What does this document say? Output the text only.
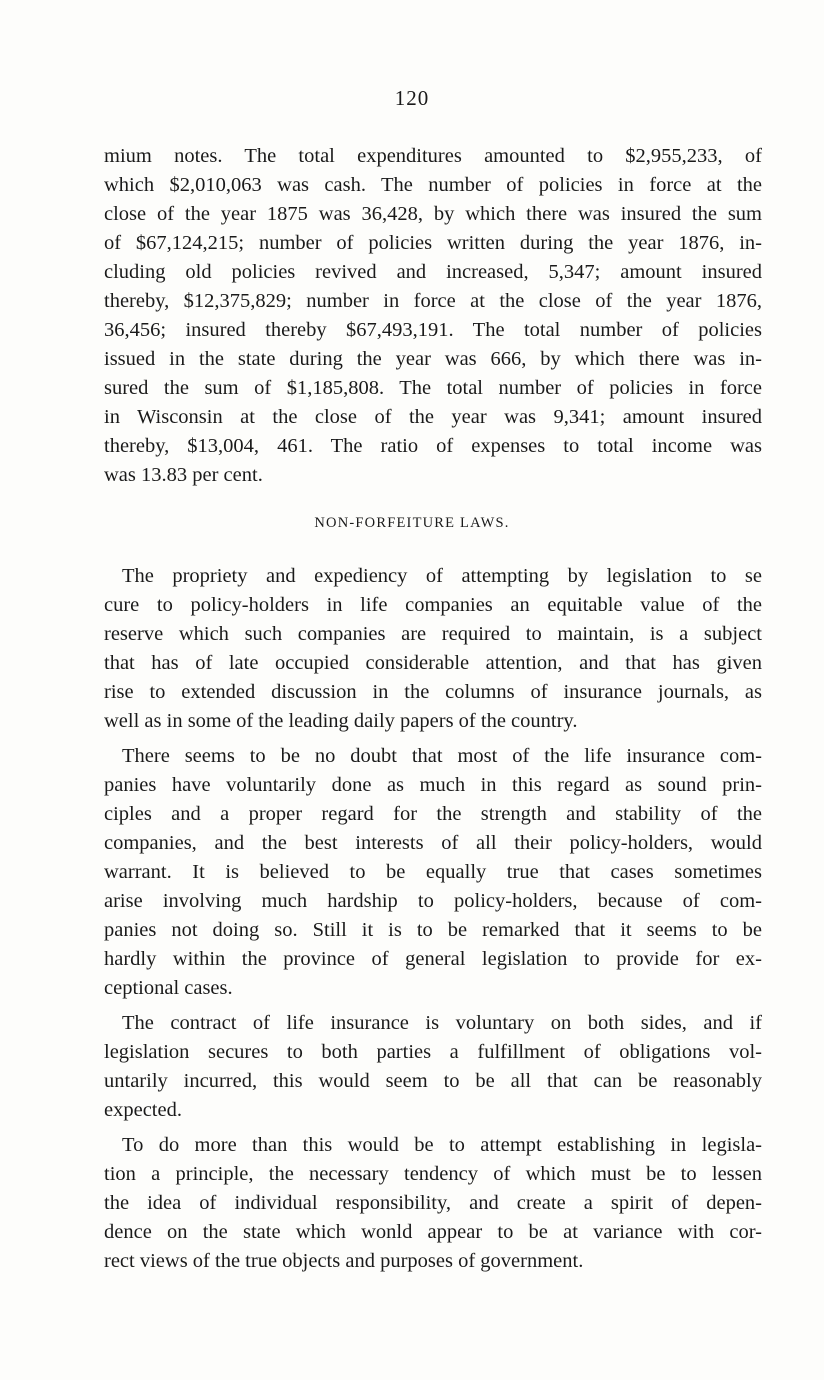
120
mium notes. The total expenditures amounted to $2,955,233, of
which $2,010,063 was cash. The number of policies in force at the
close of the year 1875 was 36,428, by which there was insured the sum
of $67,124,215; number of policies written during the year 1876, in-
cluding old policies revived and increased, 5,347; amount insured
thereby, $12,375,829; number in force at the close of the year 1876,
36,456; insured thereby $67,493,191. The total number of policies
issued in the state during the year was 666, by which there was in-
sured the sum of $1,185,808. The total number of policies in force
in Wisconsin at the close of the year was 9,341; amount insured
thereby, $13,004, 461. The ratio of expenses to total income was
was 13.83 per cent.
NON-FORFEITURE LAWS.
The propriety and expediency of attempting by legislation to se
cure to policy-holders in life companies an equitable value of the
reserve which such companies are required to maintain, is a subject
that has of late occupied considerable attention, and that has given
rise to extended discussion in the columns of insurance journals, as
well as in some of the leading daily papers of the country.
There seems to be no doubt that most of the life insurance com-
panies have voluntarily done as much in this regard as sound prin-
ciples and a proper regard for the strength and stability of the
companies, and the best interests of all their policy-holders, would
warrant. It is believed to be equally true that cases sometimes
arise involving much hardship to policy-holders, because of com-
panies not doing so. Still it is to be remarked that it seems to be
hardly within the province of general legislation to provide for ex-
ceptional cases.
The contract of life insurance is voluntary on both sides, and if
legislation secures to both parties a fulfillment of obligations vol-
untarily incurred, this would seem to be all that can be reasonably
expected.
To do more than this would be to attempt establishing in legisla-
tion a principle, the necessary tendency of which must be to lessen
the idea of individual responsibility, and create a spirit of depen-
dence on the state which wonld appear to be at variance with cor-
rect views of the true objects and purposes of government.
